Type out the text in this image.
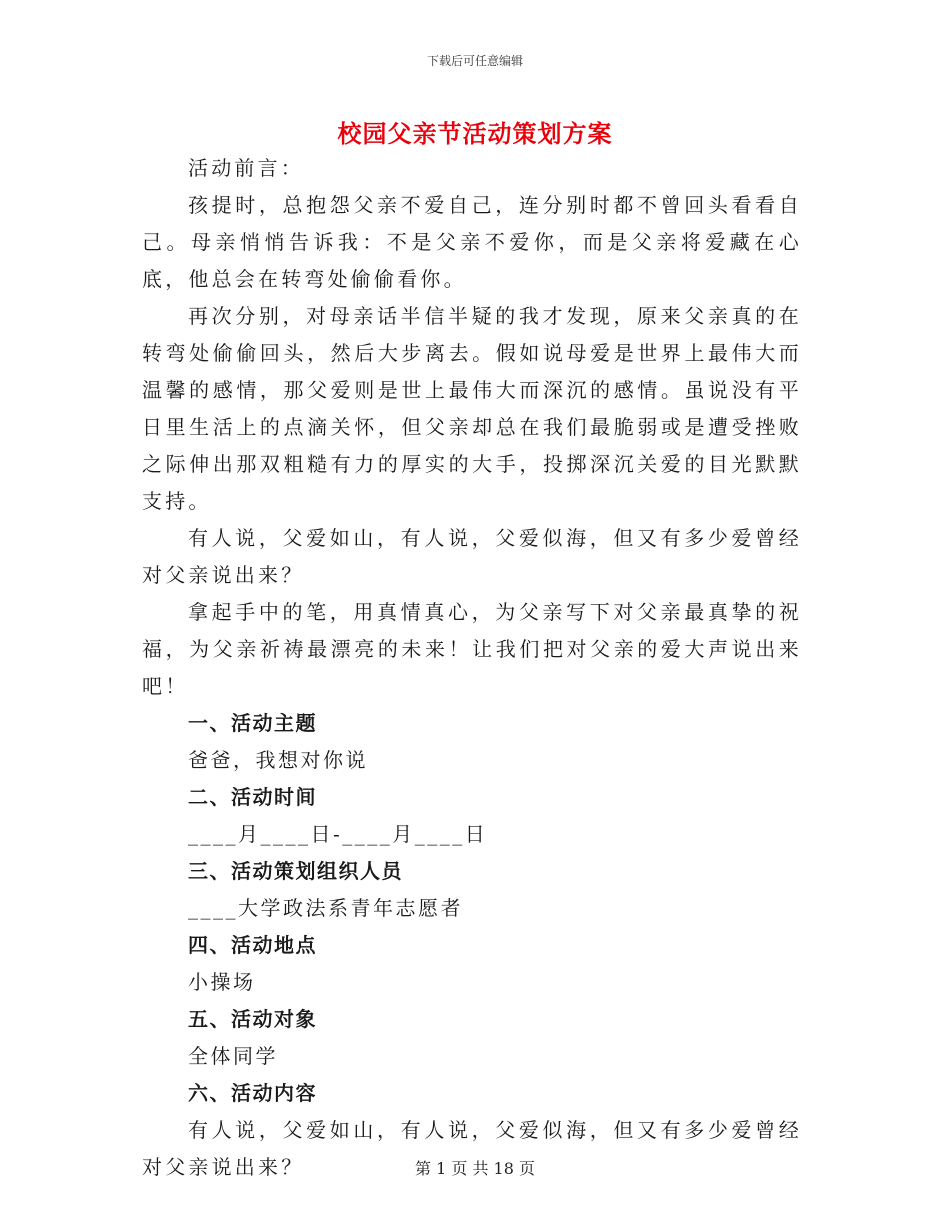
下载后可任意编辑
校园父亲节活动策划方案

活动前言：

孩提时，总抱怨父亲不爱自己，连分别时都不曾回头看看自己。母亲悄悄告诉我：不是父亲不爱你，而是父亲将爱藏在心底，他总会在转弯处偷偷看你。

再次分别，对母亲话半信半疑的我才发现，原来父亲真的在转弯处偷偷回头，然后大步离去。假如说母爱是世界上最伟大而温馨的感情，那父爱则是世上最伟大而深沉的感情。虽说没有平日里生活上的点滴关怀，但父亲却总在我们最脆弱或是遭受挫败之际伸出那双粗糙有力的厚实的大手，投掷深沉关爱的目光默默支持。

有人说，父爱如山，有人说，父爱似海，但又有多少爱曾经对父亲说出来？

拿起手中的笔，用真情真心，为父亲写下对父亲最真挚的祝福，为父亲祈祷最漂亮的未来！让我们把对父亲的爱大声说出来吧！

一、活动主题

爸爸，我想对你说

二、活动时间

____月____日-____月____日

三、活动策划组织人员

____大学政法系青年志愿者

四、活动地点

小操场

五、活动对象

全体同学

六、活动内容

有人说，父爱如山，有人说，父爱似海，但又有多少爱曾经对父亲说出来？	第 1 页 共 18 页
